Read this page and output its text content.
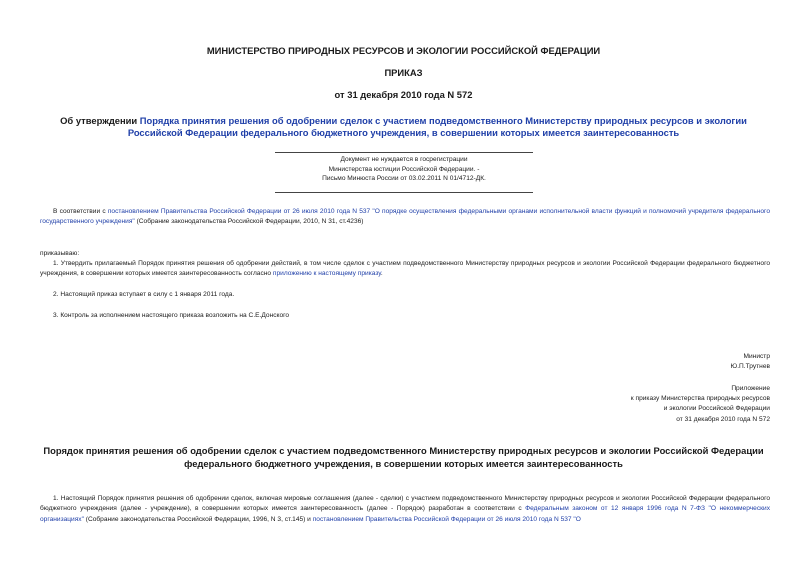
МИНИСТЕРСТВО ПРИРОДНЫХ РЕСУРСОВ И ЭКОЛОГИИ РОССИЙСКОЙ ФЕДЕРАЦИИ
ПРИКАЗ
от 31 декабря 2010 года N 572
Об утверждении Порядка принятия решения об одобрении сделок с участием подведомственного Министерству природных ресурсов и экологии Российской Федерации федерального бюджетного учреждения, в совершении которых имеется заинтересованность
Документ не нуждается в госрегистрации
Министерства юстиции Российской Федерации. -
Письмо Минюста России от 03.02.2011 N 01/4712-ДК.
В соответствии с постановлением Правительства Российской Федерации от 26 июля 2010 года N 537 "О порядке осуществления федеральными органами исполнительной власти функций и полномочий учредителя федерального государственного учреждения" (Собрание законодательства Российской Федерации, 2010, N 31, ст.4236)
приказываю:
1. Утвердить прилагаемый Порядок принятия решения об одобрении действий, в том числе сделок с участием подведомственного Министерству природных ресурсов и экологии Российской Федерации федерального бюджетного учреждения, в совершении которых имеется заинтересованность согласно приложению к настоящему приказу.
2. Настоящий приказ вступает в силу с 1 января 2011 года.
3. Контроль за исполнением настоящего приказа возложить на С.Е.Донского
Министр
Ю.П.Трутнев
Приложение
к приказу Министерства природных ресурсов
и экологии Российской Федерации
от 31 декабря 2010 года N 572
Порядок принятия решения об одобрении сделок с участием подведомственного Министерству природных ресурсов и экологии Российской Федерации федерального бюджетного учреждения, в совершении которых имеется заинтересованность
1. Настоящий Порядок принятия решения об одобрении сделок, включая мировые соглашения (далее - сделки) с участием подведомственного Министерству природных ресурсов и экологии Российской Федерации федерального бюджетного учреждения (далее - учреждение), в совершении которых имеется заинтересованность (далее - Порядок) разработан в соответствии с Федеральным законом от 12 января 1996 года N 7-ФЗ "О некоммерческих организациях" (Собрание законодательства Российской Федерации, 1996, N 3, ст.145) и постановлением Правительства Российской Федерации от 26 июля 2010 года N 537 "О
